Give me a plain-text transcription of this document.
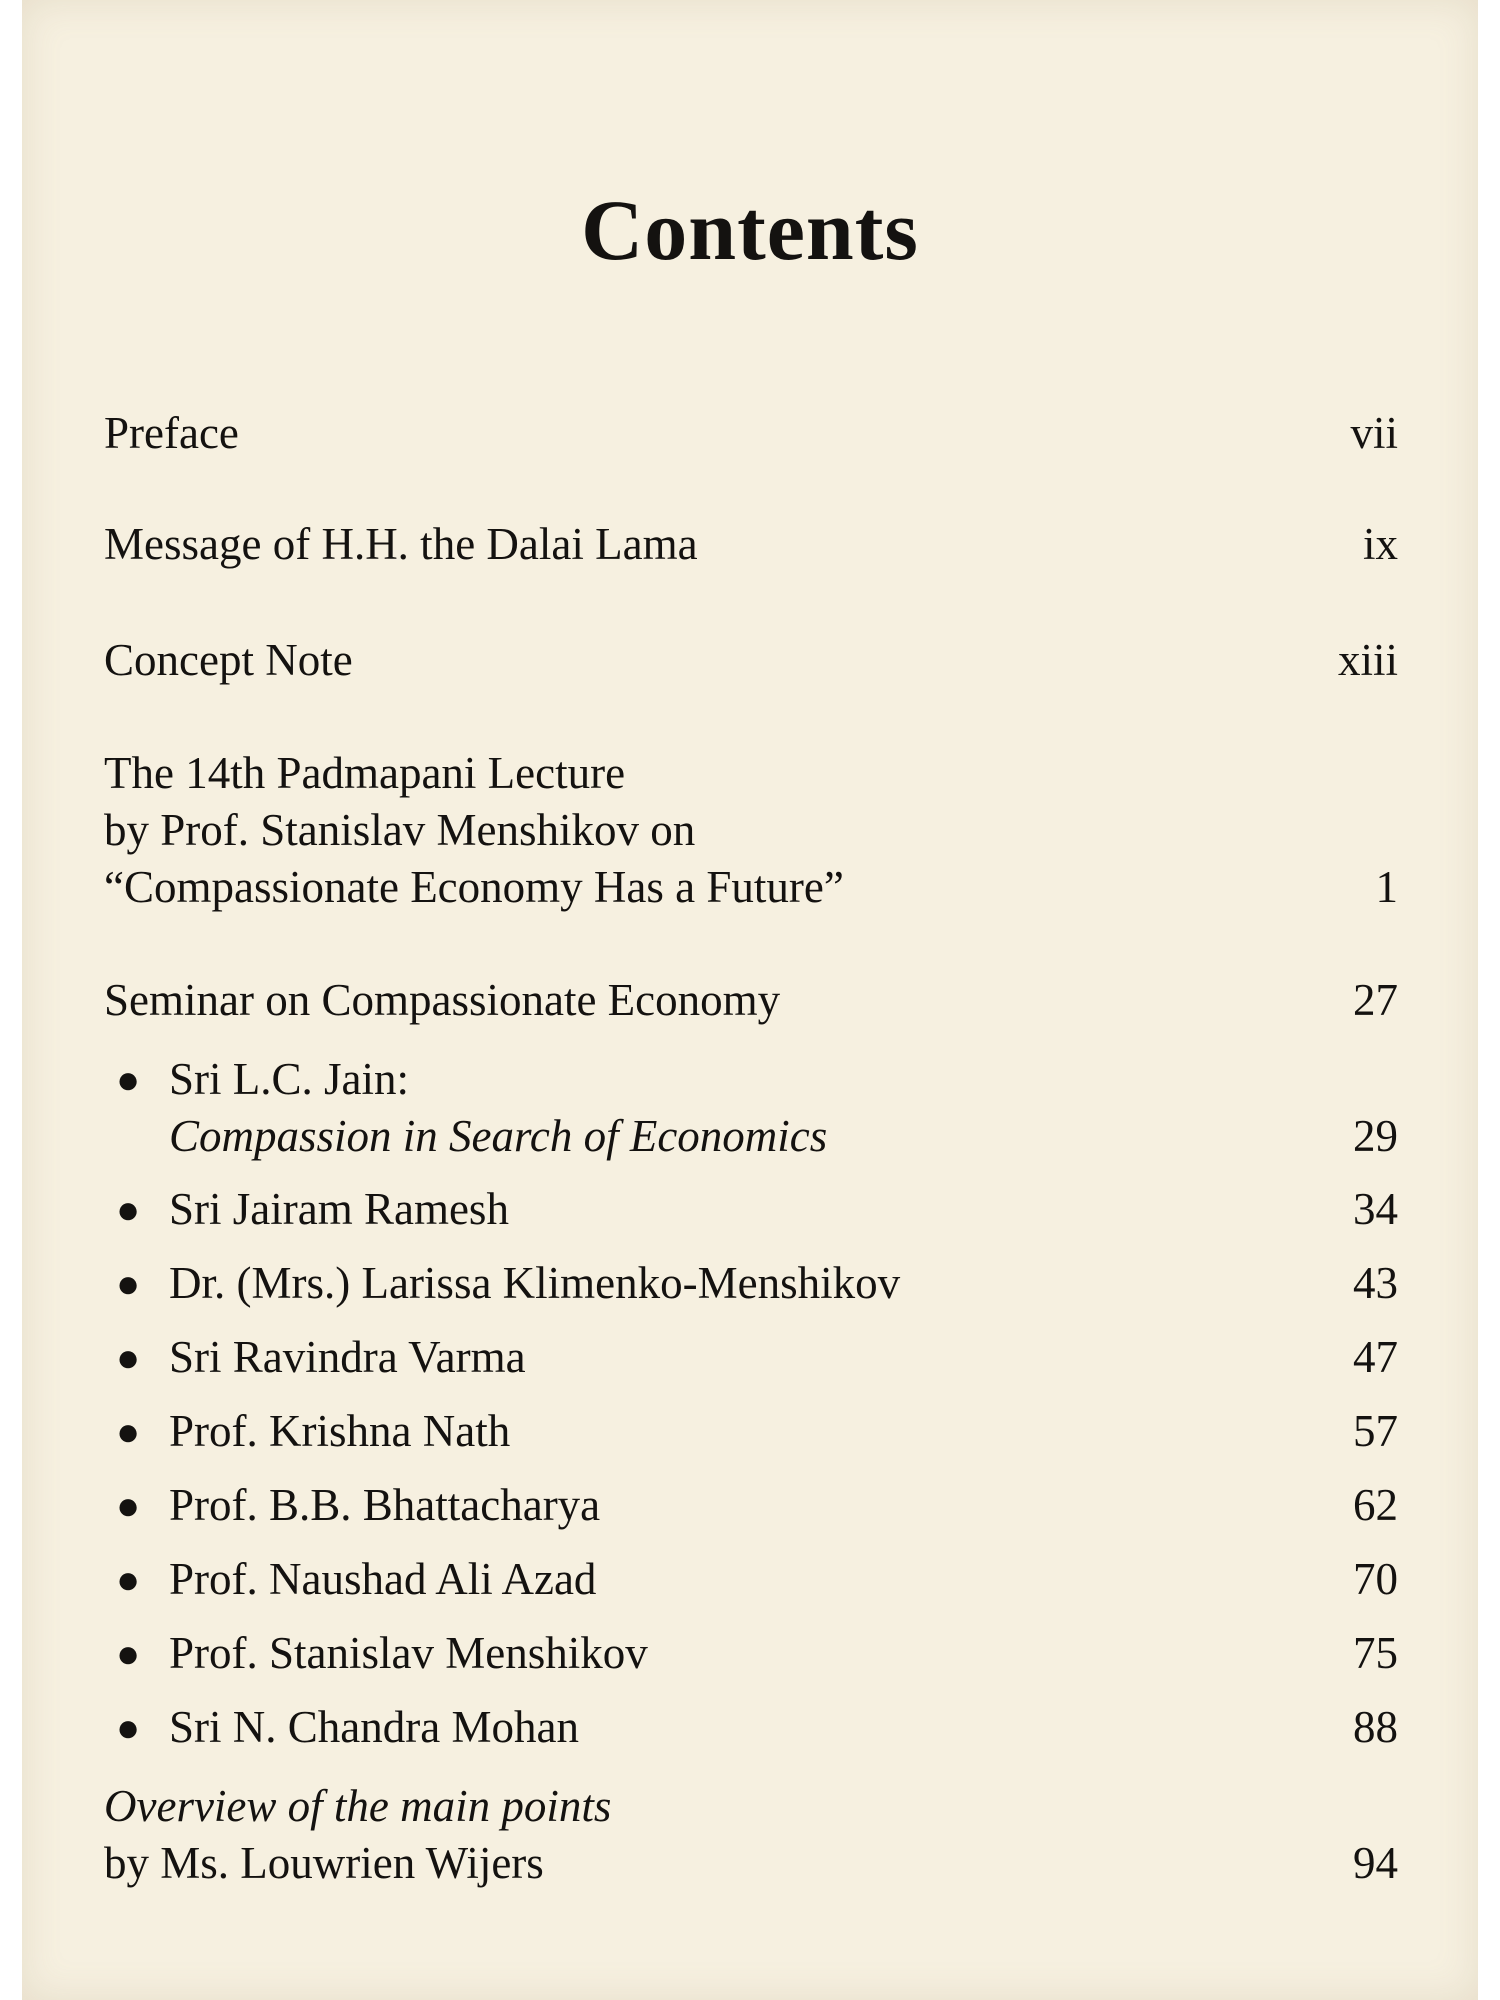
Contents
Preface	vii
Message of H.H. the Dalai Lama	ix
Concept Note	xiii
The 14th Padmapani Lecture
by Prof. Stanislav Menshikov on
“Compassionate Economy Has a Future”	1
Seminar on Compassionate Economy	27
● Sri L.C. Jain:
Compassion in Search of Economics	29
● Sri Jairam Ramesh	34
● Dr. (Mrs.) Larissa Klimenko-Menshikov	43
● Sri Ravindra Varma	47
● Prof. Krishna Nath	57
● Prof. B.B. Bhattacharya	62
● Prof. Naushad Ali Azad	70
● Prof. Stanislav Menshikov	75
● Sri N. Chandra Mohan	88
Overview of the main points
by Ms. Louwrien Wijers	94
